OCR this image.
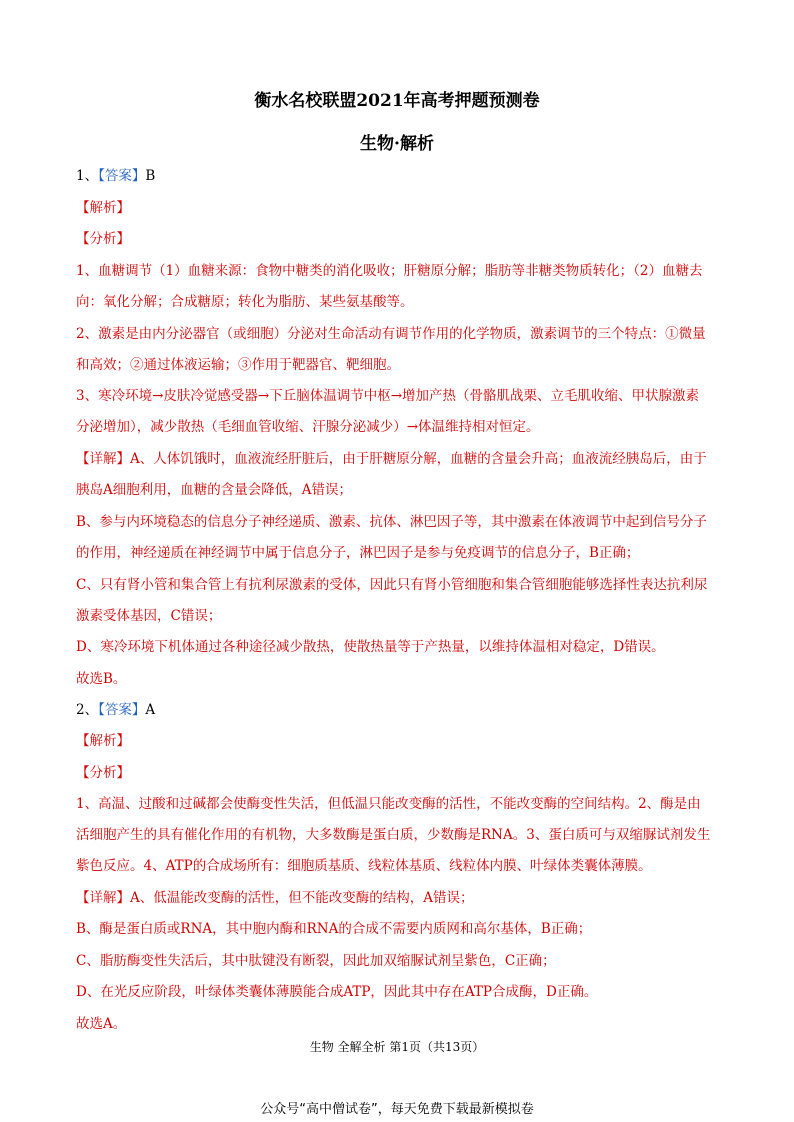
衡水名校联盟2021年高考押题预测卷
生物·解析
1、【答案】B
【解析】
【分析】
1、血糖调节（1）血糖来源：食物中糖类的消化吸收；肝糖原分解；脂肪等非糖类物质转化；（2）血糖去
向：氧化分解；合成糖原；转化为脂肪、某些氨基酸等。
2、激素是由内分泌器官（或细胞）分泌对生命活动有调节作用的化学物质，激素调节的三个特点：①微量
和高效；②通过体液运输；③作用于靶器官、靶细胞。
3、寒冷环境→皮肤冷觉感受器→下丘脑体温调节中枢→增加产热（骨骼肌战栗、立毛肌收缩、甲状腺激素
分泌增加），减少散热（毛细血管收缩、汗腺分泌减少）→体温维持相对恒定。
【详解】A、人体饥饿时，血液流经肝脏后，由于肝糖原分解，血糖的含量会升高；血液流经胰岛后，由于
胰岛A细胞利用，血糖的含量会降低，A错误；
B、参与内环境稳态的信息分子神经递质、激素、抗体、淋巴因子等，其中激素在体液调节中起到信号分子
的作用，神经递质在神经调节中属于信息分子，淋巴因子是参与免疫调节的信息分子，B正确；
C、只有肾小管和集合管上有抗利尿激素的受体，因此只有肾小管细胞和集合管细胞能够选择性表达抗利尿
激素受体基因，C错误；
D、寒冷环境下机体通过各种途径减少散热，使散热量等于产热量，以维持体温相对稳定，D错误。
故选B。
2、【答案】A
【解析】
【分析】
1、高温、过酸和过碱都会使酶变性失活，但低温只能改变酶的活性，不能改变酶的空间结构。2、酶是由
活细胞产生的具有催化作用的有机物，大多数酶是蛋白质，少数酶是RNA。3、蛋白质可与双缩脲试剂发生
紫色反应。4、ATP的合成场所有：细胞质基质、线粒体基质、线粒体内膜、叶绿体类囊体薄膜。
【详解】A、低温能改变酶的活性，但不能改变酶的结构，A错误；
B、酶是蛋白质或RNA，其中胞内酶和RNA的合成不需要内质网和高尔基体，B正确；
C、脂肪酶变性失活后，其中肽键没有断裂，因此加双缩脲试剂呈紫色，C正确；
D、在光反应阶段，叶绿体类囊体薄膜能合成ATP，因此其中存在ATP合成酶，D正确。
故选A。
生物 全解全析 第1页（共13页）
公众号“高中僧试卷”，每天免费下载最新模拟卷
